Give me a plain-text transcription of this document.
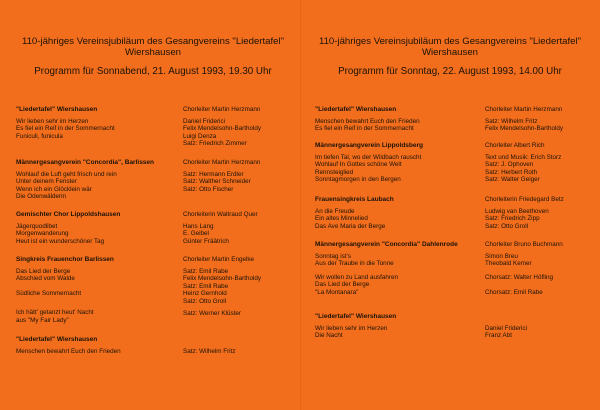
110-jähriges Vereinsjubiläum des Gesangvereins "Liedertafel"
Wiershausen
Programm für Sonnabend, 21. August 1993, 19.30 Uhr
"Liedertafel" Wiershausen
Wir lieben sehr im Herzen
Es fiel ein Reif in der Sommernacht
Funiculi, funicula
Chorleiter Martin Herzmann
Daniel Friderici
Felix Mendelsohn-Bartholdy
Luigi Denza
Satz: Friedrich Zimmer
Männergesangverein "Concordia", Barlissen
Wohlauf die Luft geht frisch und rein
Unter deinem Fenster
Wenn ich ein Glöcklein wär
Die Odenwälderin
Chorleiter Martin Herzmann
Satz: Hermann Erdler
Satz: Walther Schneider
Satz: Otto Fischer
Gemischter Chor Lippoldshausen
Jägerquodlibet
Morgenwanderung
Heut ist ein wunderschöner Tag
Chorleiterin Waltraud Quer
Hans Lang
E. Geibel
Günter Fräätrich
Singkreis Frauenchor Barlissen
Das Lied der Berge
Abschied vom Walde
Südliche Sommernacht
Ich hätt' getanzt heut' Nacht
aus "My Fair Lady"
Chorleiter Martin Engelke
Satz: Emil Rabe
Felix Mendelsohn-Bartholdy
Satz: Emil Rabe
Heinz Gernhold
Satz: Otto Groll
Satz: Werner Klüster
"Liedertafel" Wiershausen
Menschen bewahrt Euch den Frieden	Satz: Wilhelm Fritz
110-jähriges Vereinsjubiläum des Gesangvereins "Liedertafel"
Wiershausen
Programm für Sonntag, 22. August 1993, 14.00 Uhr
"Liedertafel" Wiershausen
Menschen bewahrt Euch den Frieden
Es fiel ein Reif in der Sommernacht
Chorleiter Martin Herzmann
Satz: Wilhelm Fritz
Felix Mendelsohn-Bartholdy
Männergesangverein Lippoldsberg
Im tiefen Tal, wo der Wildbach rauscht
Wohlauf In Gottes schöne Welt
Rennsteiglied
Sonntagmorgen in den Bergen
Chorleiter Albert Rich
Text und Musik: Erich Storz
Satz: J. Ophoven
Satz: Herbert Roth
Satz: Walter Geiger
Frauensingkreis Laubach
An die Freude
Ein altes Minnelied
Das Ave Maria der Berge
Chorleiterin Friedegard Betz
Ludwig van Beethoven
Satz: Friedrich Zipp
Satz: Otto Groll
Männergesangverein "Concordia" Dahlenrode
Sonntag ist's
Aus der Traube in die Tonne
Wir wollen zu Land ausfahren
Das Lied der Berge
"La Montanara"
Chorleiter Bruno Buchmann
Simon Breu
Theobald Kemer
Chorsatz: Walter Höfling
Chorsatz: Emil Rabe
"Liedertafel" Wiershausen
Wir lieben sehr im Herzen
Die Nacht
Daniel Friderici
Franz Abt
